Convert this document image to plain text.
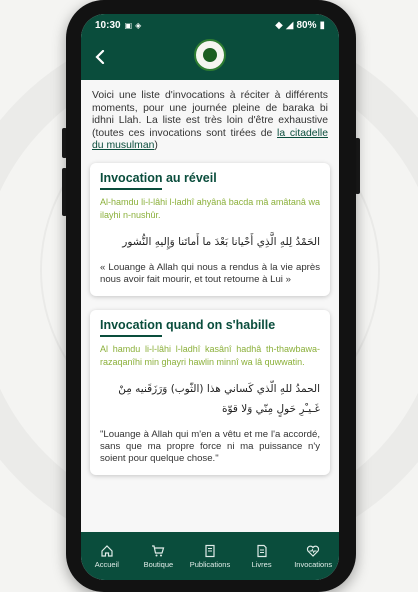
10:30 ▣ ◈	◆ ◢ 80% ▮

Voici une liste d'invocations à réciter à différents moments, pour une journée pleine de baraka bi idhni Llah. La liste est très loin d'être exhaustive (toutes ces invocations sont tirées de la citadelle du musulman)

Invocation au réveil
Al-hamdu li-l-lâhi l-ladhî ahyânâ bacda mâ amâtanâ wa ilayhi n-nushûr.
الحَمْدُ لِلهِ الَّذِي أَحْيانا بَعْدَ ما أَماتَنا وَإِليهِ النُّشور
« Louange à Allah qui nous a rendus à la vie après nous avoir fait mourir, et tout retourne à Lui »
Invocation quand on s'habille
Al hamdu li-l-lâhi l-ladhî kasânî hadhâ th-thawbawa-razaqanîhi min ghayri hawlin minnî wa lâ quwwatin.
الحمدُ للهِ الّذي كَساني هذا (الثّوب) وَرَزَقَنيه مِنْ غَـيـْرِ حَولٍ مِنّي وَلا قوّة
"Louange à Allah qui m'en a vêtu et me l'a accordé, sans que ma propre force ni ma puissance n'y soient pour quelque chose."
Accueil	Boutique Publications	Livres	Invocations
